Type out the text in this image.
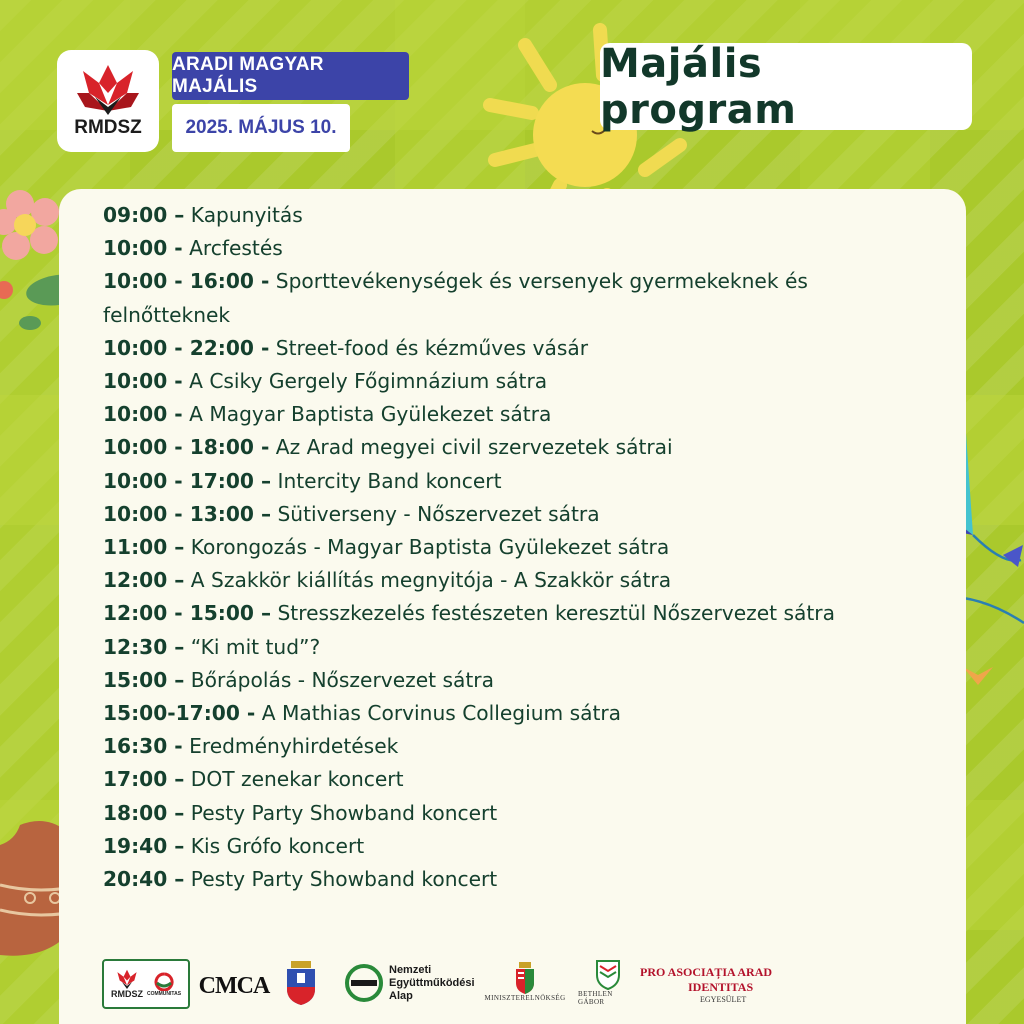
RMDSZ
ARADI MAGYAR MAJÁLIS
2025. MÁJUS 10.
Majális program
09:00 – Kapunyitás
10:00 - Arcfestés
10:00 - 16:00 - Sporttevékenységek és versenyek gyermekeknek és felnőtteknek
10:00 - 22:00 - Street-food és kézműves vásár
10:00 - A Csiky Gergely Főgimnázium sátra
10:00 - A Magyar Baptista Gyülekezet sátra
10:00 - 18:00 - Az Arad megyei civil szervezetek sátrai
10:00 - 17:00 – Intercity Band koncert
10:00 - 13:00 – Sütiverseny - Nőszervezet sátra
11:00 – Korongozás - Magyar Baptista Gyülekezet sátra
12:00 – A Szakkör kiállítás megnyitója - A Szakkör sátra
12:00 - 15:00 – Stresszkezelés festészeten keresztül Nőszervezet sátra
12:30 – “Ki mit tud”?
15:00 – Bőrápolás - Nőszervezet sátra
15:00-17:00 - A Mathias Corvinus Collegium sátra
16:30 - Eredményhirdetések
17:00 – DOT zenekar koncert
18:00 – Pesty Party Showband koncert
19:40 – Kis Grófo koncert
20:40 – Pesty Party Showband koncert
RMDSZ COMMUNITAS CMCA
Nemzeti
Együttműködési
Alap	MINISZTERELNÖKSÉG BETHLEN GÁBOR
PRO ASOCIAȚIA ARAD
IDENTITAS
EGYESÜLET
